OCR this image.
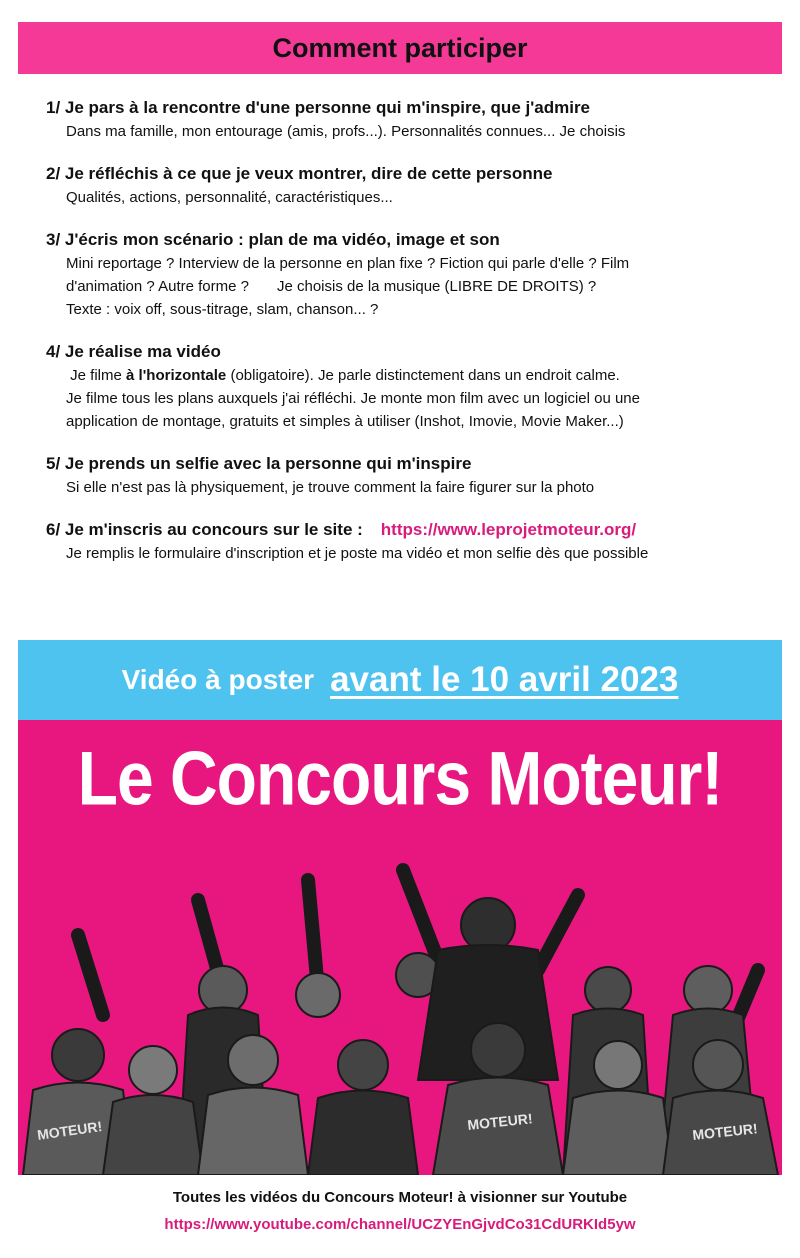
Comment participer
1/ Je pars à la rencontre d'une personne qui m'inspire, que j'admire
Dans ma famille, mon entourage (amis, profs...). Personnalités connues... Je choisis
2/ Je réfléchis à ce que je veux montrer, dire de cette personne
Qualités, actions, personnalité, caractéristiques...
3/ J'écris mon scénario : plan de ma vidéo, image et son
Mini reportage ? Interview de la personne en plan fixe ? Fiction qui parle d'elle ? Film
d'animation ? Autre forme ? Je choisis de la musique (LIBRE DE DROITS) ?
Texte : voix off, sous-titrage, slam, chanson... ?
4/ Je réalise ma vidéo
Je filme à l'horizontale (obligatoire). Je parle distinctement dans un endroit calme.
Je filme tous les plans auxquels j'ai réfléchi. Je monte mon film avec un logiciel ou une
application de montage, gratuits et simples à utiliser (Inshot, Imovie, Movie Maker...)
5/ Je prends un selfie avec la personne qui m'inspire
Si elle n'est pas là physiquement, je trouve comment la faire figurer sur la photo
6/ Je m'inscris au concours sur le site : https://www.leprojetmoteur.org/
Je remplis le formulaire d'inscription et je poste ma vidéo et mon selfie dès que possible
Vidéo à poster avant le 10 avril 2023
Le Concours Moteur!
MOTEUR!	MOTEUR!	MOTEUR!
Toutes les vidéos du Concours Moteur! à visionner sur Youtube
https://www.youtube.com/channel/UCZYEnGjvdCo31CdURKId5yw
